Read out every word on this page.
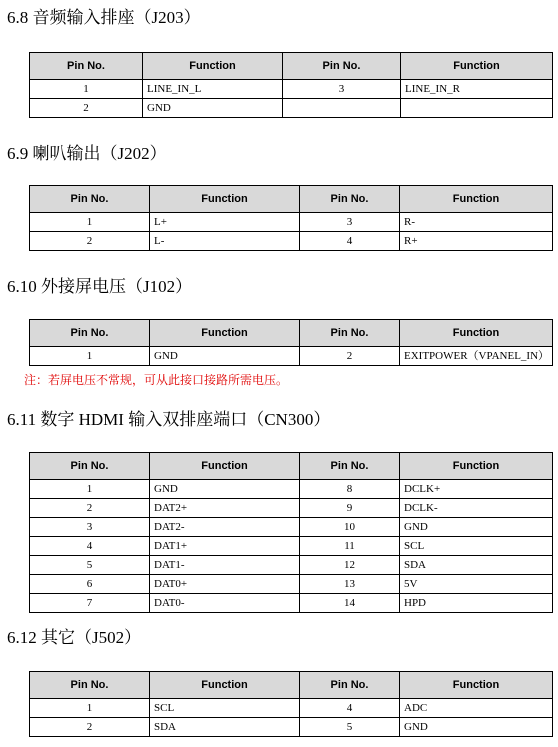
6.8 音频输入排座（J203）
Pin No.	Function	Pin No.	Function
1	LINE_IN_L	3	LINE_IN_R
2	GND		
6.9 喇叭输出（J202）
Pin No.	Function	Pin No.	Function
1	L+	3	R-
2	L-	4	R+
6.10 外接屏电压（J102）
Pin No.	Function	Pin No.	Function
1	GND	2	EXITPOWER（VPANEL_IN）
注：若屏电压不常规，可从此接口接路所需电压。
6.11 数字 HDMI 输入双排座端口（CN300）
Pin No.	Function	Pin No.	Function
1	GND	8	DCLK+
2	DAT2+	9	DCLK-
3	DAT2-	10	GND
4	DAT1+	11	SCL
5	DAT1-	12	SDA
6	DAT0+	13	5V
7	DAT0-	14	HPD
6.12 其它（J502）
Pin No.	Function	Pin No.	Function
1	SCL	4	ADC
2	SDA	5	GND
